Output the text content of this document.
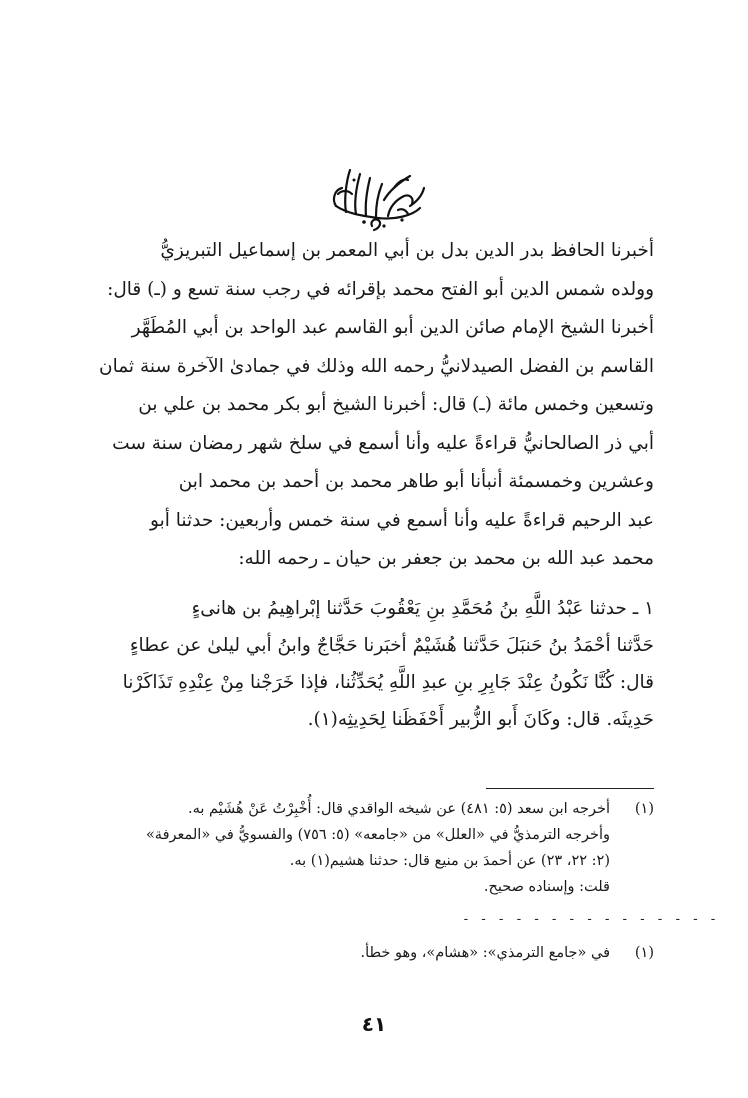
أخبرنا الحافظ بدر الدين بدل بن أبي المعمر بن إسماعيل التبريزيُّ
وولده شمس الدين أبو الفتح محمد بإقرائه في رجب سنة تسع و (ـ) قال:
أخبرنا الشيخ الإمام صائن الدين أبو القاسم عبد الواحد بن أبي المُطَهَّر
القاسم بن الفضل الصيدلانيُّ رحمه الله وذلك في جمادىٰ الآخرة سنة ثمان
وتسعين وخمس مائة (ـ) قال: أخبرنا الشيخ أبو بكر محمد بن علي بن
أبي ذر الصالحانيُّ قراءةً عليه وأنا أسمع في سلخ شهر رمضان سنة ست
وعشرين وخمسمئة أنبأنا أبو طاهر محمد بن أحمد بن محمد ابن
عبد الرحيم قراءةً عليه وأنا أسمع في سنة خمس وأربعين: حدثنا أبو
محمد عبد الله بن محمد بن جعفر بن حيان ـ رحمه الله:
١ ـ حدثنا عَبْدُ اللَّهِ بنُ مُحَمَّدِ بنِ يَعْقُوبَ حَدَّثنا إبْراهِيمُ بن هانىءٍ
حَدَّثنا أحْمَدُ بنُ حَنبَلَ حَدَّثنا هُشَيْمٌ أخبَرنا حَجَّاجٌ وابنُ أبي ليلىٰ عن عطاءٍ
قال: كُنَّا نَكُونُ عِنْدَ جَابِرِ بنِ عبدِ اللَّهِ يُحَدِّثُنا، فإذا خَرَجْنا مِنْ عِنْدِهِ تَذَاكَرْنا
حَدِيثَه. قال: وكَانَ أَبو الزُّبير أَحْفَظَنا لِحَدِيثِه(١).
(١)
أخرجه ابن سعد (٥: ٤٨١) عن شيخه الواقدي قال: أُخْبِرْتُ عَنْ هُشَيْم به.
وأخرجه الترمذيُّ في «العلل» من «جامعه» (٥: ٧٥٦) والفسويُّ في «المعرفة»
(٢: ٢٢، ٢٣) عن أحمدَ بن منيع قال: حدثنا هشيم(١) به.
قلت: وإسناده صحيح.
- - - - - - - - - - - - - - -
(١)
في «جامع الترمذي»: «هشام»، وهو خطأ.
٤١
